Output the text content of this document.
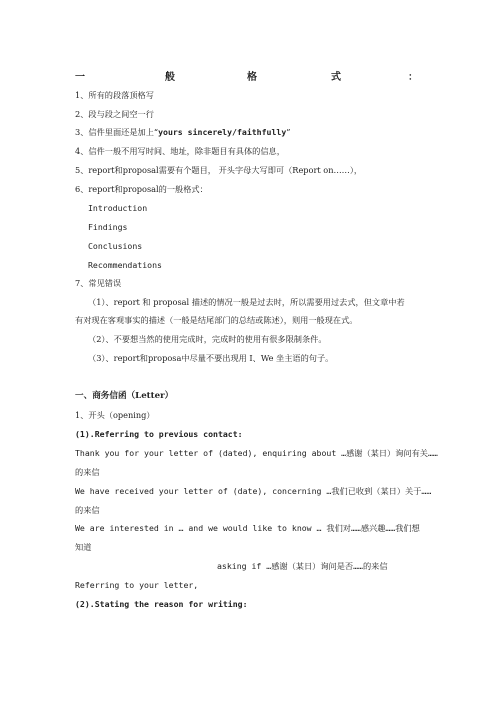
一	般	格	式	：
1、所有的段落顶格写
2、段与段之间空一行
3、信件里面还是加上“yours sincerely/faithfully”
4、信件一般不用写时间、地址，除非题目有具体的信息，
5、report和proposal需要有个题目， 开头字母大写即可（Report on……），
6、report和proposal的一般格式：
Introduction
Findings
Conclusions
Recommendations
7、常见错误
（1）、report 和 proposal 描述的情况一般是过去时，所以需要用过去式，但文章中若
有对现在客观事实的描述（一般是结尾部门的总结或陈述），则用一般现在式。
（2）、不要想当然的使用完成时，完成时的使用有很多限制条件。
（3）、report和proposa中尽量不要出现用 I、We 坐主语的句子。
一、商务信函（Letter）
1、开头（opening）
(1).Referring to previous contact:
Thank you for your letter of (dated), enquiring about …感谢（某日）询问有关……
的来信
We have received your letter of (date), concerning …我们已收到（某日）关于……
的来信
We are interested in … and we would like to know … 我们对……感兴趣……我们想
知道
asking if …感谢（某日）询问是否……的来信
Referring to your letter,
(2).Stating the reason for writing:
